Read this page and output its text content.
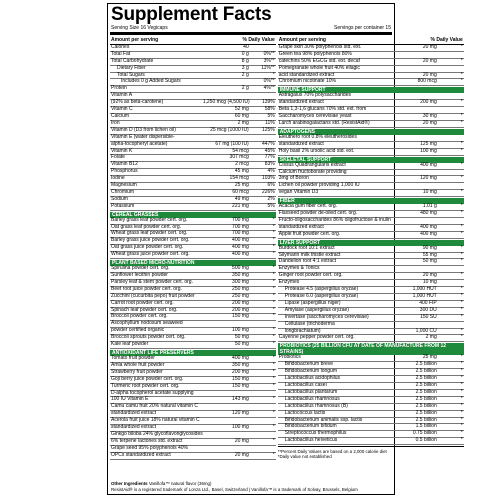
Supplement Facts
Serving Size 16 Vegicaps	Servings per container 15
Amount per serving	% Daily Value
Calories	40
Total Fat	0 g	0%**
Total Carbohydrate	8 g	3%**
Dietary Fiber	3 g	11%**
Total Sugars	2 g	*
Includes 0 g Added Sugars	0%**
Protein	2 g	4%**
Vitamin A
(92% as beta-carotene)	1,250 mcg (4,500 IU)	139%
Vitamin C	52 mg	58%
Calcium	60 mg	5%
Iron	2 mg	11%
Vitamin D (D3 from lichen oil)	25 mcg (1000 IU)	125%
Vitamin E (water dispersible-
alpha-tocopheryl acetate)	67 mg (100 IU)	447%
Vitamin K	54 mcg	45%
Folate	307 mcg	77%
Vitamin B12	2 mcg	83%
Phosphorus	45 mg	4%
Iodine	154 mcg	103%
Magnesium	25 mg	6%
Chromium	60 mcg	226%
Sodium	49 mg	2%
Potassium	221 mg	5%
CEREAL GRASSES
Barley grass leaf powder cert. org.	700 mg	*
Oat grass leaf powder cert. org.	700 mg	*
Wheat grass leaf powder cert. org.	700 mg	*
Barley grass juice powder cert. org.	400 mg	*
Oat grass juice powder cert. org.	400 mg	*
Wheat grass juice powder cert. org.	400 mg	*
PLANT BASED MICRO-NUTRITION
Spirulina powder cert. org.	500 mg	*
Sunflower lecithin powder	350 mg	*
Parsley leaf & stem powder cert. org.	300 mg	*
Beet root juice powder cert. org.	250 mg	*
Zucchini (cucurbita pepo) fruit powder	250 mg	*
Carrot root powder cert. org.	200 mg	*
Spinach leaf powder cert. org.	200 mg	*
Broccoli powder cert. org.	150 mg	*
Ascophyllum nodosum seaweed
powder certified organic	100 mg	*
Broccoli sprouts powder cert. org.	50 mg	*
Kale leaf powder	50 mg	*
ANTIOXIDANT LIFE PRESERVERS
Tomato fruit powder	400 mg	*
Amla whole fruit powder	350 mg	*
Strawberry fruit powder	200 mg	*
Goji berry juice powder cert. org.	150 mg	*
Turmeric root powder cert. org.	150 mg	*
D-alpha tocopherol acetate supplying
100 IU Vitamin E	143 mg	*
Camu camu fruit 20% natural vitamin C
standardized extract	120 mg	*
Acerola fruit juice 18% natural vitamin C
standardized extract	100 mg	*
Ginkgo biloba 24% glycoflavonglycosides
6% terpene lactones std. extract	20 mg	*
Grape seed 95% polyphenols 40%
OPCs standardized extract	20 mg	*
Amount per serving	% Daily Value
Grape skin 30% polyphenols std. ext.	20 mg	*
Green tea 98% polyphenols 80%
catechins 50% EGCG std. ext. decaf	20 mg	*
Pomegranate whole fruit 40% ellagic
acid standardized extract	20 mg	*
Chromium nicotinate 10%	800 mcg	*
IMMUNE SUPPORT
Astragalus 70% polysaccharides
standardized extract	200 mg	*
Beta 1,3-1,6 glucans 70% std. ext. from
Saccharomyces cerevisiae yeast	30 mg	*
Larch arabinogalactans std. (ResistAid®)	20 mg	*
ADAPTOGENS
Eleuthero root 0.8% eleutherosides
standardized extract	125 mg	*
Holy basil 2% ursolic acid std. ext.	100 mg	*
SKELETAL SUPPORT
Cissus Quadrangularis extract	400 mg	*
Calcium fructoborate providing
3mg of Boron	120 mg	*
Lichen oil powder providing 1,000 IU
vegan Vitamin D3	10 mg	*
FIBER
Acacia gum fiber cert. org.	1.01 g	*
Flaxseed powder de-oiled cert. org.	480 mg	*
Fructo-oligosaccharides 86% oligofructose & inulin
standardized extract	400 mg	*
Apple fruit powder cert. org.	400 mg	*
LIVER SUPPORT
Burdock root 10:1 extract	90 mg	*
Silymarin milk thistle extract	55 mg	*
Dandelion root 4:1 extract	50 mg	*
Enzymes & Tonics
Ginger root powder cert. org.	20 mg	*
Enzymes	10 mg
Protease 4.5 (aspergillus oryzae)	1,000 HUT	*
Protease 6.0 (aspergillus oryzae)	1,000 HUT	*
Lipase (aspergillus niger)	400 FIP	*
Amylase (aspergillus oryzae)	300 DU	*
Invertase (saccharomyces cerevisiae)	150 SU	*
Cellulase (trichoderma
longbrachiatum)	1,000 CU	*
Cayenne pepper powder cert. org.	2 mg	*
PROBIOTICS (25 BILLION CFU AT DATE OF MANUFACTURE FROM 12 STRAINS)
Probiotics	25 mg	*
Bifidobacterium breve	2.5 billion	*
Bifidobacterium longum	2.5 billion	*
Lactobacillus acidophilus	2.5 billion	*
Lactobacillus casei	2.5 billion	*
Lactobacillus plantarum	2.5 billion	*
Lactobacillus rhamnosus	2.5 billion	*
Lactobacillus rhamnosus (B)	2.5 billion	*
Lactococcus lactis	2.5 billion	*
Bifidobacterium animalis ssp. lactis	2.5 billion	*
Bifidobacterium bifidum	1.5 billion	*
Streptococcus thermophilus	0.75 billion	*
Lactobacillus helveticus	0.5 billion	*
**Percent Daily Values are based on a 2,000 calorie diet
*Daily value not established
Other Ingredients Vanillofa™ natural flavor (36mg)
ResistAid® is a registered trademark of Lonza Ltd., Basel, Switzerland | Vanillofa™ is a trademark of Solvay, Brussels, Belgium
